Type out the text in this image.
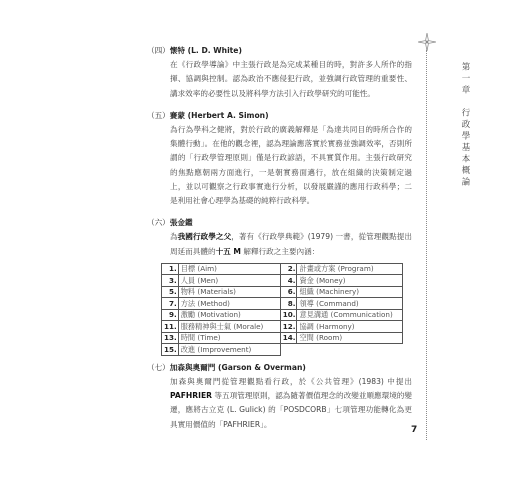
（四）懷特 (L. D. White)
在《行政學導論》中主張行政是為完成某種目的時，對許多人所作的指揮、協調與控制。認為政治不應侵犯行政，並強調行政管理的重要性、講求效率的必要性以及將科學方法引入行政學研究的可能性。
（五）賽蒙 (Herbert A. Simon)
為行為學科之健將，對於行政的廣義解釋是「為達共同目的時所合作的集體行動」。在他的觀念裡，認為理論應落實於實務並強調效率，否則所謂的「行政學管理原則」僅是行政諺語，不具實質作用。主張行政研究的焦點應朝兩方面進行，一是朝實務面邁行，放在組織的決策制定過上，並以可觀察之行政事實進行分析，以發展嚴謹的應用行政科學；二是利用社會心理學為基礎的純粹行政科學。
（六）張金鑑
為我國行政學之父，著有《行政學典範》(1979) 一書，從管理觀點提出周延而具體的十五 M 解釋行政之主要內涵：
1.	目標 (Aim)	2.	計畫或方案 (Program)
3.	人員 (Men)	4.	資金 (Money)
5.	物料 (Materials)	6.	組織 (Machinery)
7.	方法 (Method)	8.	領導 (Command)
9.	激勵 (Motivation)	10.	意見溝通 (Communication)
11.	服務精神與士氣 (Morale)	12.	協調 (Harmony)
13.	時間 (Time)	14.	空間 (Room)
15.	改進 (Improvement)		
（七）加森與奧爾門 (Garson & Overman)
加森與奧爾門從管理觀點看行政，於《公共管理》(1983) 中提出 PAFHRIER 等五項管理原則，認為隨著價值理念的改變並順應環境的變遷，應將古立克 (L. Gulick) 的「POSDCORB」七項管理功能轉化為更具實用價值的「PAFHRIER」。
第一章　行政學基本概論
7
